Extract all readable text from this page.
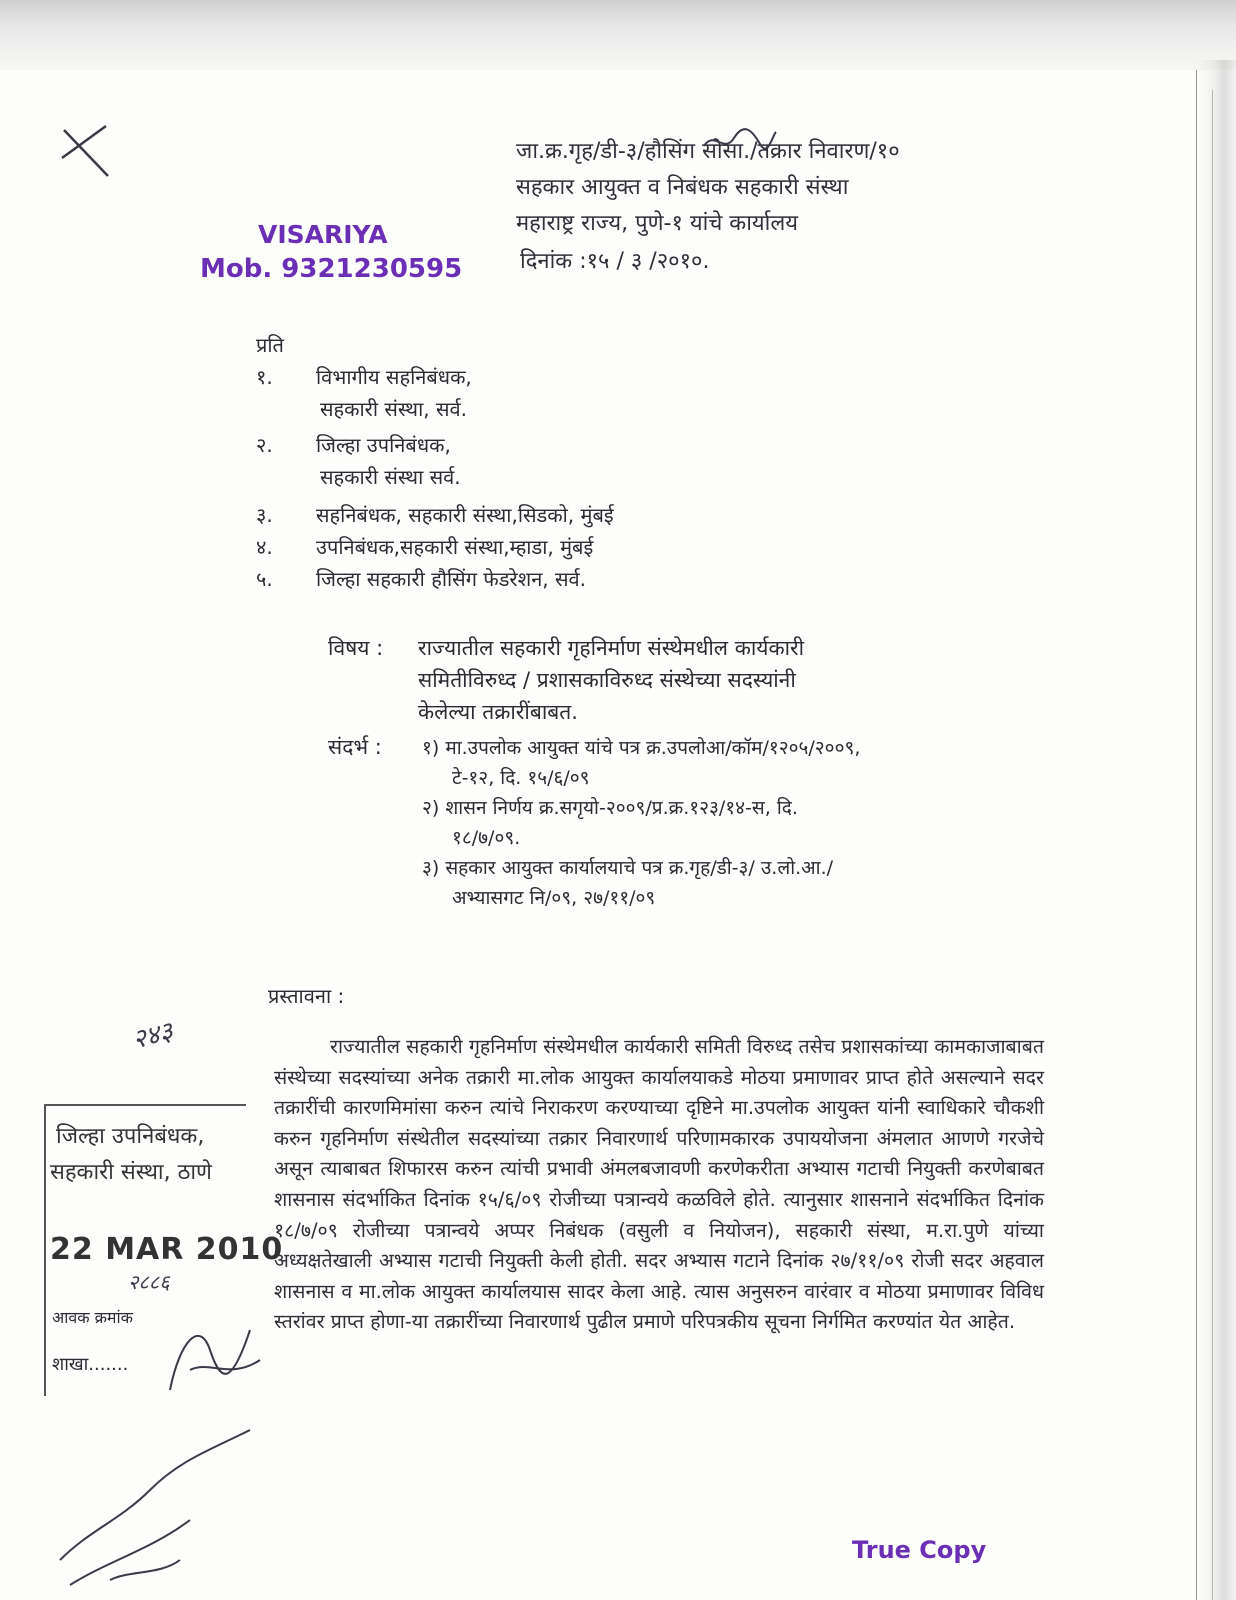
जा.क्र.गृह/डी-३/हौसिंग सोसा./तक्रार निवारण/१०
सहकार आयुक्त व निबंधक सहकारी संस्था
महाराष्ट्र राज्य, पुणे-१ यांचे कार्यालय
दिनांक :१५ / ३ /२०१०.
VISARIYA
Mob. 9321230595
प्रति
१. विभागीय सहनिबंधक,
सहकारी संस्था, सर्व.
२. जिल्हा उपनिबंधक,
सहकारी संस्था सर्व.
३. सहनिबंधक, सहकारी संस्था,सिडको, मुंबई
४. उपनिबंधक,सहकारी संस्था,म्हाडा, मुंबई
५. जिल्हा सहकारी हौसिंग फेडरेशन, सर्व.
विषय : राज्यातील सहकारी गृहनिर्माण संस्थेमधील कार्यकारी
समितीविरुध्द / प्रशासकाविरुध्द संस्थेच्या सदस्यांनी
केलेल्या तक्रारींबाबत.
संदर्भ : १) मा.उपलोक आयुक्त यांचे पत्र क्र.उपलोआ/कॉम/१२०५/२००९,
टे-१२, दि. १५/६/०९
२) शासन निर्णय क्र.सगृयो-२००९/प्र.क्र.१२३/१४-स, दि.
१८/७/०९.
३) सहकार आयुक्त कार्यालयाचे पत्र क्र.गृह/डी-३/ उ.लो.आ./
अभ्यासगट नि/०९, २७/११/०९
प्रस्तावना :
राज्यातील सहकारी गृहनिर्माण संस्थेमधील कार्यकारी समिती विरुध्द तसेच प्रशासकांच्या कामकाजाबाबत संस्थेच्या सदस्यांच्या अनेक तक्रारी मा.लोक आयुक्त कार्यालयाकडे मोठया प्रमाणावर प्राप्त होते असल्याने सदर तक्रारींची कारणमिमांसा करुन त्यांचे निराकरण करण्याच्या दृष्टिने मा.उपलोक आयुक्त यांनी स्वाधिकारे चौकशी करुन गृहनिर्माण संस्थेतील सदस्यांच्या तक्रार निवारणार्थ परिणामकारक उपाययोजना अंमलात आणणे गरजेचे असून त्याबाबत शिफारस करुन त्यांची प्रभावी अंमलबजावणी करणेकरीता अभ्यास गटाची नियुक्ती करणेबाबत शासनास संदर्भाकित दिनांक १५/६/०९ रोजीच्या पत्रान्वये कळविले होते. त्यानुसार शासनाने संदर्भाकित दिनांक १८/७/०९ रोजीच्या पत्रान्वये अप्पर निबंधक (वसुली व नियोजन), सहकारी संस्था, म.रा.पुणे यांच्या अध्यक्षतेखाली अभ्यास गटाची नियुक्ती केली होती. सदर अभ्यास गटाने दिनांक २७/११/०९ रोजी सदर अहवाल शासनास व मा.लोक आयुक्त कार्यालयास सादर केला आहे. त्यास अनुसरुन वारंवार व मोठया प्रमाणावर विविध स्तरांवर प्राप्त होणा-या तक्रारींच्या निवारणार्थ पुढील प्रमाणे परिपत्रकीय सूचना निर्गमित करण्यांत येत आहेत.
२४३
जिल्हा उपनिबंधक,
सहकारी संस्था, ठाणे
22 MAR 2010
२८८६
आवक क्रमांक
शाखा.......
True Copy
